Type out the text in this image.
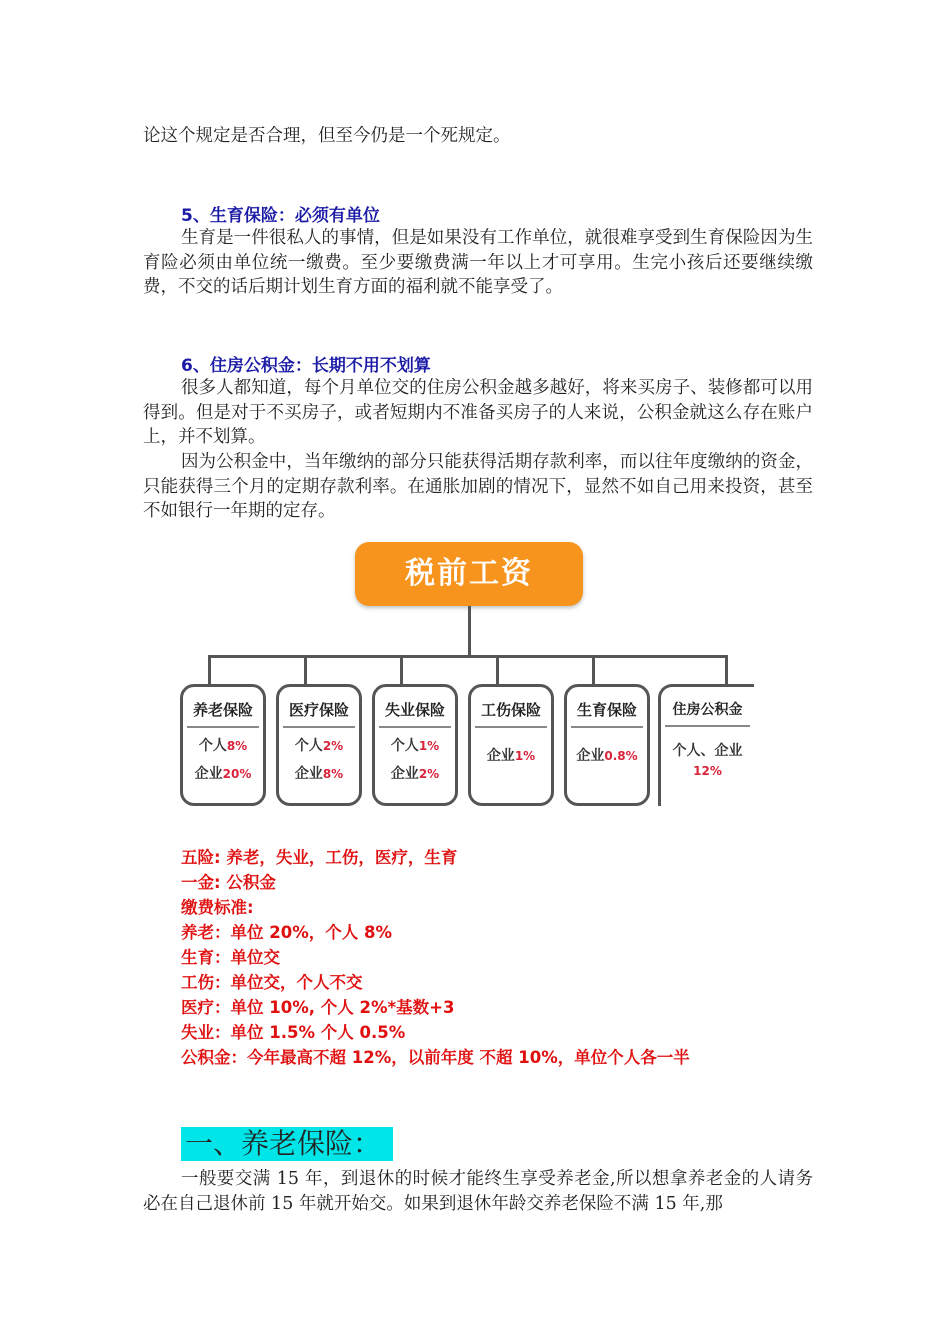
论这个规定是否合理，但至今仍是一个死规定。

5、生育保险：必须有单位

生育是一件很私人的事情，但是如果没有工作单位，就很难享受到生育保险因为生育险必须由单位统一缴费。至少要缴费满一年以上才可享用。生完小孩后还要继续缴费，不交的话后期计划生育方面的福利就不能享受了。

6、住房公积金：长期不用不划算

很多人都知道，每个月单位交的住房公积金越多越好，将来买房子、装修都可以用得到。但是对于不买房子，或者短期内不准备买房子的人来说，公积金就这么存在账户上，并不划算。

因为公积金中，当年缴纳的部分只能获得活期存款利率，而以往年度缴纳的资金，只能获得三个月的定期存款利率。在通胀加剧的情况下，显然不如自己用来投资，甚至不如银行一年期的定存。

税前工资
养老保险
个人8%
企业20%
医疗保险
个人2%
企业8%
失业保险
个人1%
企业2%
工伤保险
企业1%
生育保险
企业0.8%
住房公积金
个人、企业
12%

五险: 养老，失业，工伤，医疗，生育

一金: 公积金

缴费标准:

养老：单位 20%，个人 8%

生育：单位交

工伤：单位交，个人不交

医疗：单位 10%, 个人 2%*基数+3

失业：单位 1.5% 个人 0.5%

公积金：今年最高不超 12%，以前年度 不超 10%，单位个人各一半

一、养老保险：

一般要交满 15 年，到退休的时候才能终生享受养老金,所以想拿养老金的人请务必在自己退休前 15 年就开始交。如果到退休年龄交养老保险不满 15 年,那
